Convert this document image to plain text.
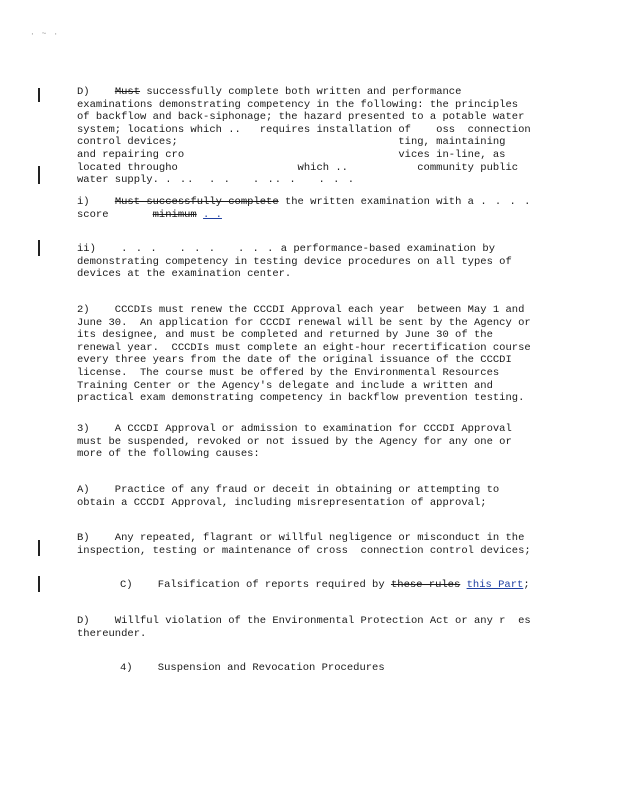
· ~ ·
D) Must successfully complete both written and performance
examinations demonstrating competency in the following: the principles
of backflow and back-siphonage; the hazard presented to a potable water
system; locations which ..   requires installation of    oss  connection
control devices;                                   ting, maintaining
and repairing cro                                  vices in-line, as
located througho                   which ..           community public
water supply. . ..  . .   . .. .   . . .
i) Must successfully complete the written examination with a . . . .
score	minimum . .
ii) . . .   . . .   . . . a performance-based examination by
demonstrating competency in testing device procedures on all types of
devices at the examination center.
2)    CCCDIs must renew the CCCDI Approval each year  between May 1 and
June 30.  An application for CCCDI renewal will be sent by the Agency or
its designee, and must be completed and returned by June 30 of the
renewal year.  CCCDIs must complete an eight-hour recertification course
every three years from the date of the original issuance of the CCCDI
license.  The course must be offered by the Environmental Resources
Training Center or the Agency's delegate and include a written and
practical exam demonstrating competency in backflow prevention testing.
3)    A CCCDI Approval or admission to examination for CCCDI Approval
must be suspended, revoked or not issued by the Agency for any one or
more of the following causes:
A)    Practice of any fraud or deceit in obtaining or attempting to
obtain a CCCDI Approval, including misrepresentation of approval;
B)    Any repeated, flagrant or willful negligence or misconduct in the
inspection, testing or maintenance of cross  connection control devices;
C)    Falsification of reports required by these rules this Part;
D)    Willful violation of the Environmental Protection Act or any r  es
thereunder.
4)    Suspension and Revocation Procedures
